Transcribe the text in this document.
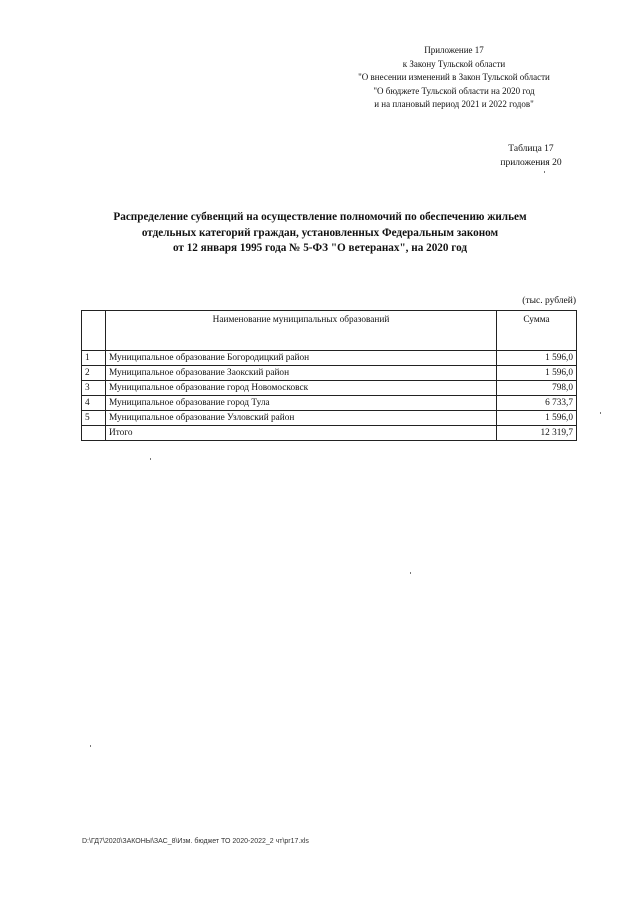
Приложение 17
к Закону Тульской области
"О внесении изменений в Закон Тульской области
"О бюджете Тульской области на 2020 год
и на плановый период 2021 и 2022 годов"
Таблица 17
приложения 20
Распределение субвенций на осуществление полномочий по обеспечению жильем
отдельных категорий граждан, установленных Федеральным законом
от 12 января 1995 года № 5-ФЗ "О ветеранах", на 2020 год
(тыс. рублей)
	Наименование муниципальных образований	Сумма
1	Муниципальное образование Богородицкий район	1 596,0
2	Муниципальное образование Заокский район	1 596,0
3	Муниципальное образование город Новомосковск	798,0
4	Муниципальное образование город Тула	6 733,7
5	Муниципальное образование Узловский район	1 596,0
	Итого	12 319,7
D:\ГД7\2020\ЗАКОНЫ\ЗАС_8\Изм. бюджет ТО 2020-2022_2 чт\pr17.xls
